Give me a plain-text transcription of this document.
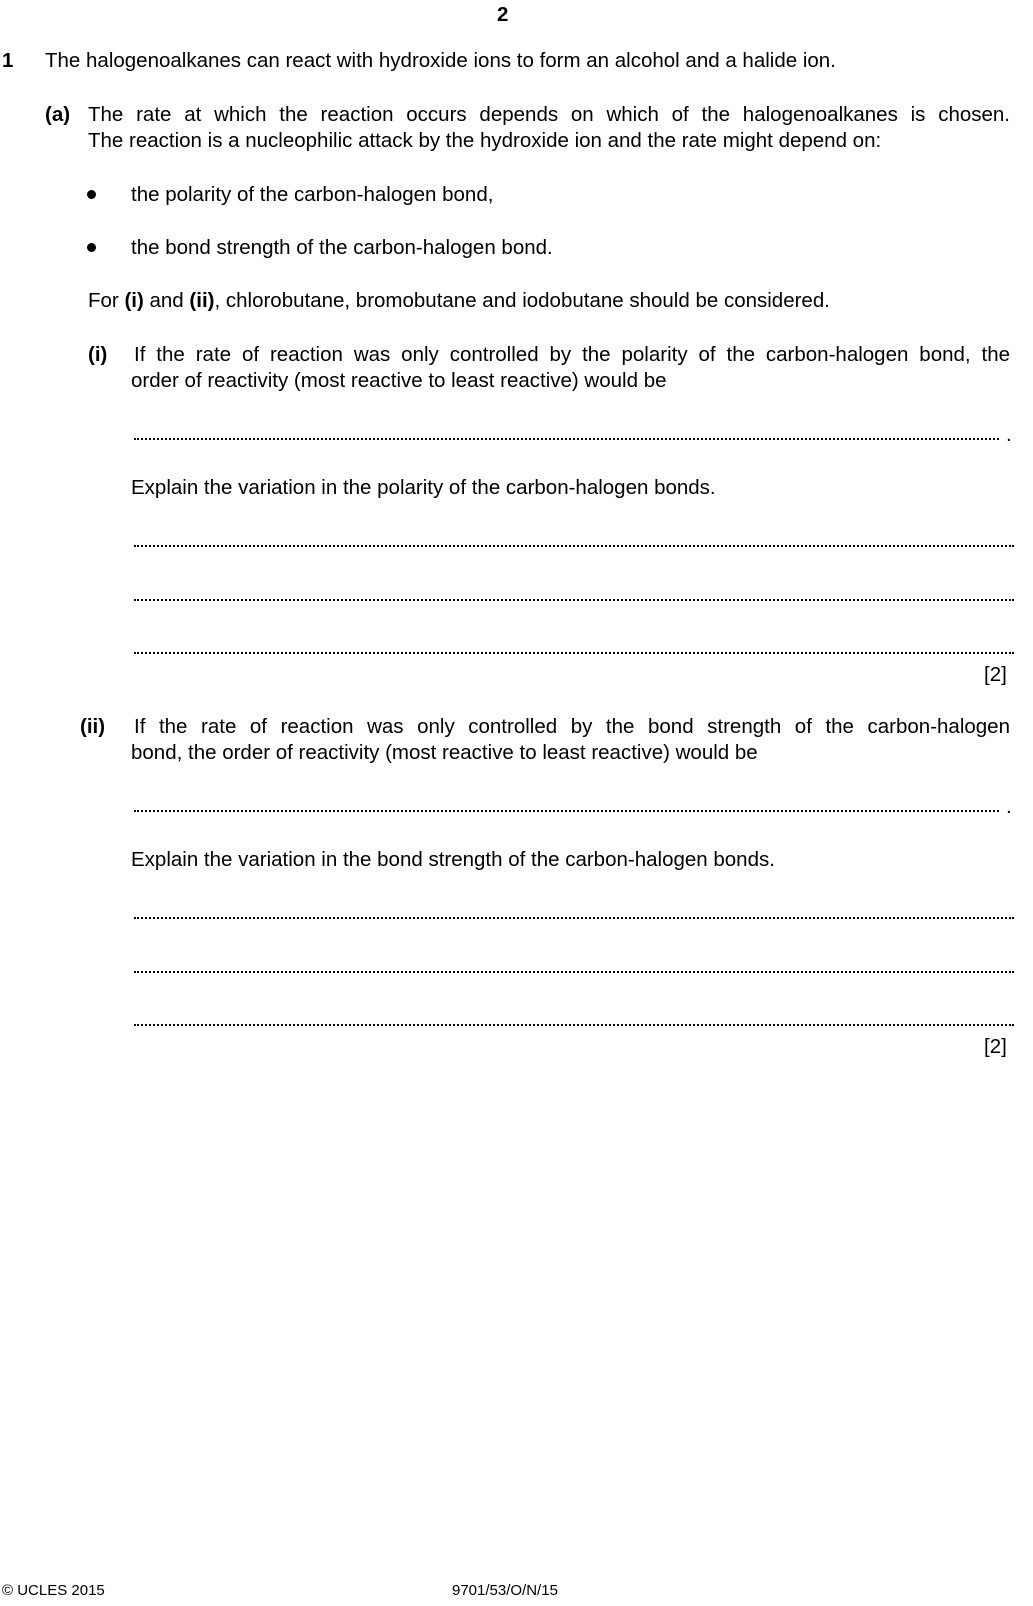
2
1 The halogenoalkanes can react with hydroxide ions to form an alcohol and a halide ion.
(a) The rate at which the reaction occurs depends on which of the halogenoalkanes is chosen.
The reaction is a nucleophilic attack by the hydroxide ion and the rate might depend on:
the polarity of the carbon-halogen bond,
the bond strength of the carbon-halogen bond.
For (i) and (ii), chlorobutane, bromobutane and iodobutane should be considered.
(i) If the rate of reaction was only controlled by the polarity of the carbon-halogen bond, the
order of reactivity (most reactive to least reactive) would be
.
Explain the variation in the polarity of the carbon-halogen bonds.
[2]
(ii) If the rate of reaction was only controlled by the bond strength of the carbon-halogen
bond, the order of reactivity (most reactive to least reactive) would be
.
Explain the variation in the bond strength of the carbon-halogen bonds.
[2]
© UCLES 2015	9701/53/O/N/15
